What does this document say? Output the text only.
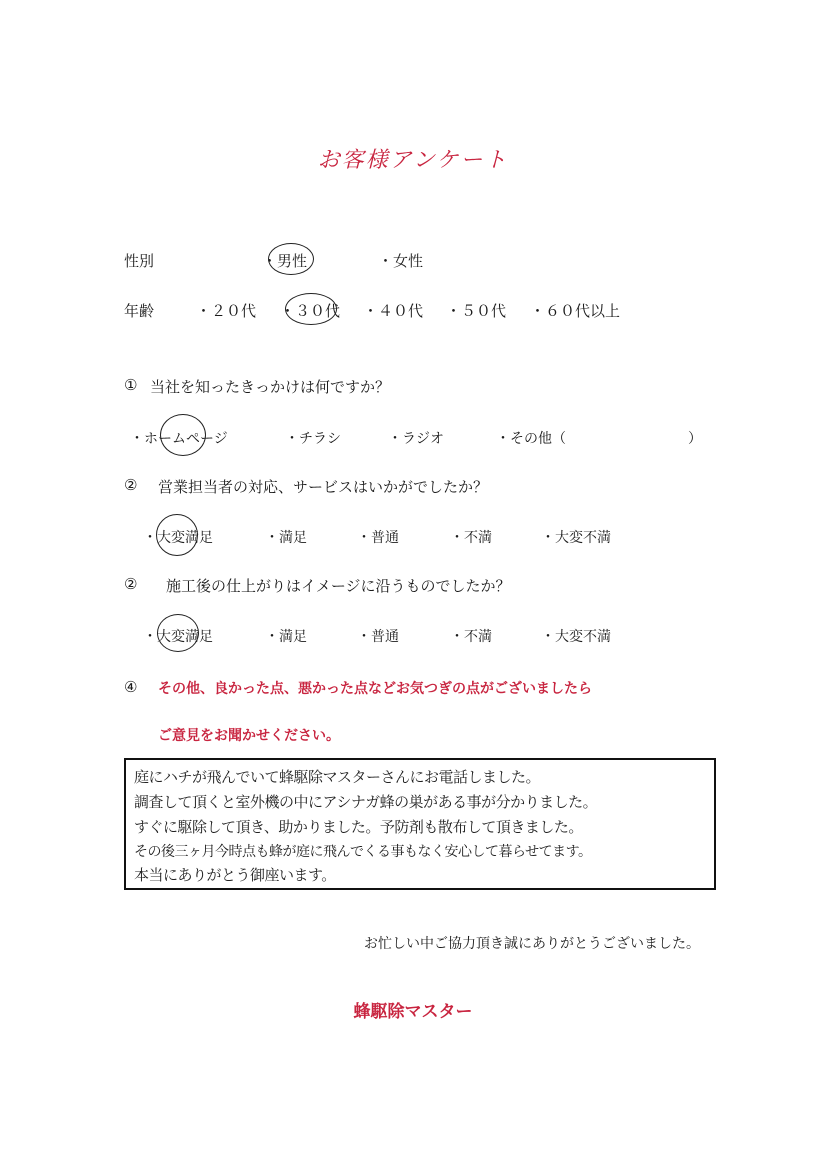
お客様アンケート
性別	・男性	・女性
年齢	・２０代 ・３０代 ・４０代 ・５０代 ・６０代以上
① 当社を知ったきっかけは何ですか？
・ホームページ	・チラシ	・ラジオ	・その他（	）
② 営業担当者の対応、サービスはいかがでしたか？
・大変満足	・満足	・普通	・不満	・大変不満
② 施工後の仕上がりはイメージに沿うものでしたか？
・大変満足	・満足	・普通	・不満	・大変不満
④ その他、良かった点、悪かった点などお気つぎの点がございましたら
ご意見をお聞かせください。
庭にハチが飛んでいて蜂駆除マスターさんにお電話しました。
調査して頂くと室外機の中にアシナガ蜂の巣がある事が分かりました。
すぐに駆除して頂き、助かりました。予防剤も散布して頂きました。
その後三ヶ月今時点も蜂が庭に飛んでくる事もなく安心して暮らせてます。
本当にありがとう御座います。
お忙しい中ご協力頂き誠にありがとうございました。
蜂駆除マスター
